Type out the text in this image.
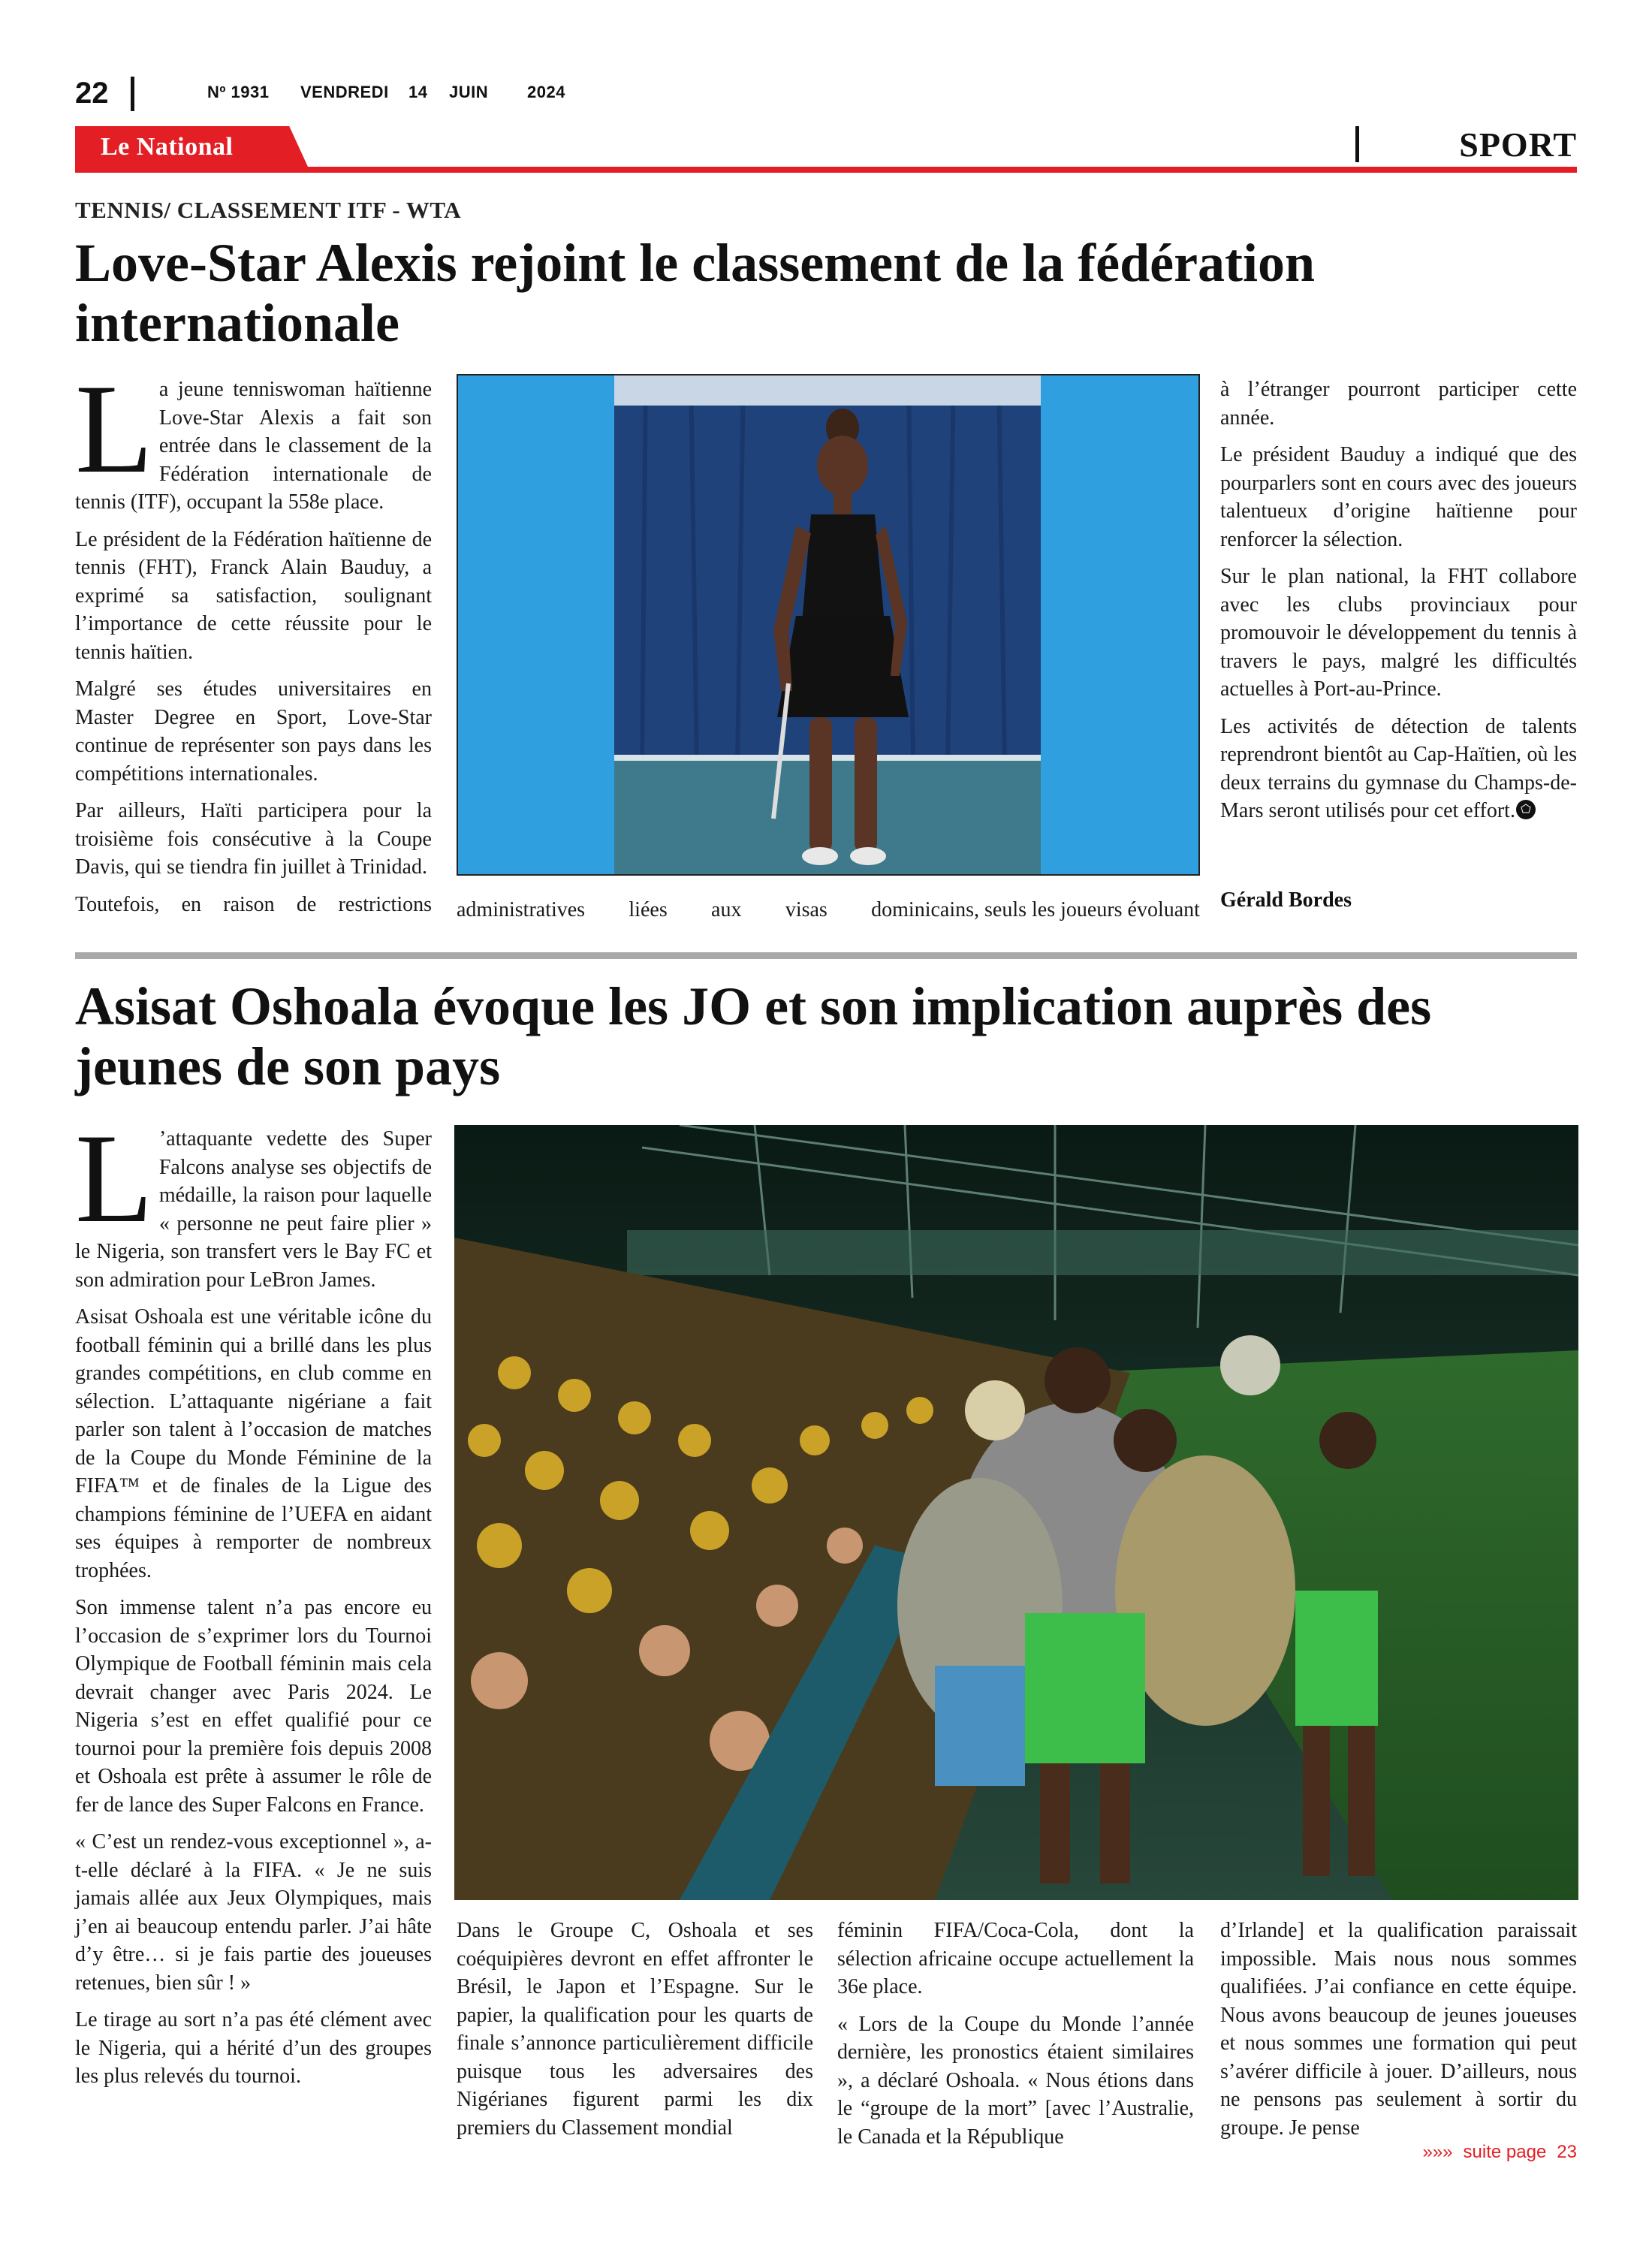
22	Nº 1931 VENDREDI 14 JUIN 2024
Le National	SPORT
TENNIS/ CLASSEMENT ITF - WTA
Love-Star Alexis rejoint le classement de la fédération internationale

La jeune tenniswoman haïtienne Love-Star Alexis a fait son entrée dans le classement de la Fédération internationale de tennis (ITF), occupant la 558e place.

Le président de la Fédération haïtienne de tennis (FHT), Franck Alain Bauduy, a exprimé sa satisfaction, soulignant l’importance de cette réussite pour le tennis haïtien.

Malgré ses études universitaires en Master Degree en Sport, Love-Star continue de représenter son pays dans les compétitions internationales.

Par ailleurs, Haïti participera pour la troisième fois consécutive à la Coupe Davis, qui se tiendra fin juillet à Trinidad.

Toutefois, en raison de restrictions administratives liées aux visas dominicains, seuls les joueurs évoluant

à l’étranger pourront participer cette année.

Le président Bauduy a indiqué que des pourparlers sont en cours avec des joueurs talentueux d’origine haïtienne pour renforcer la sélection.

Sur le plan national, la FHT collabore avec les clubs provinciaux pour promouvoir le développement du tennis à travers le pays, malgré les difficultés actuelles à Port-au-Prince.

Les activités de détection de talents reprendront bientôt au Cap-Haïtien, où les deux terrains du gymnase du Champs-de-Mars seront utilisés pour cet effort.

Gérald Bordes
Asisat Oshoala évoque les JO et son implication auprès des jeunes de son pays

L ’attaquante vedette des Super Falcons analyse ses objectifs de médaille, la raison pour laquelle « personne ne peut faire plier » le Nigeria, son transfert vers le Bay FC et son admiration pour LeBron James.

Asisat Oshoala est une véritable icône du football féminin qui a brillé dans les plus grandes compétitions, en club comme en sélection. L’attaquante nigériane a fait parler son talent à l’occasion de matches de la Coupe du Monde Féminine de la FIFA™ et de finales de la Ligue des champions féminine de l’UEFA en aidant ses équipes à remporter de nombreux trophées.

Son immense talent n’a pas encore eu l’occasion de s’exprimer lors du Tournoi Olympique de Football féminin mais cela devrait changer avec Paris 2024. Le Nigeria s’est en effet qualifié pour ce tournoi pour la première fois depuis 2008 et Oshoala est prête à assumer le rôle de fer de lance des Super Falcons en France.

« C’est un rendez-vous exceptionnel », a-t-elle déclaré à la FIFA. « Je ne suis jamais allée aux Jeux Olympiques, mais j’en ai beaucoup entendu parler. J’ai hâte d’y être… si je fais partie des joueuses retenues, bien sûr ! »

Le tirage au sort n’a pas été clément avec le Nigeria, qui a hérité d’un des groupes les plus relevés du tournoi.

Dans le Groupe C, Oshoala et ses coéquipières devront en effet affronter le Brésil, le Japon et l’Espagne. Sur le papier, la qualification pour les quarts de finale s’annonce particulièrement difficile puisque tous les adversaires des Nigérianes figurent parmi les dix premiers du Classement mondial

féminin FIFA/Coca-Cola, dont la sélection africaine occupe actuellement la 36e place.

« Lors de la Coupe du Monde l’année dernière, les pronostics étaient similaires », a déclaré Oshoala. « Nous étions dans le “groupe de la mort” [avec l’Australie, le Canada et la République

d’Irlande] et la qualification paraissait impossible. Mais nous nous sommes qualifiées. J’ai confiance en cette équipe. Nous avons beaucoup de jeunes joueuses et nous sommes une formation qui peut s’avérer difficile à jouer. D’ailleurs, nous ne pensons pas seulement à sortir du groupe. Je pense

»»» suite page 23
